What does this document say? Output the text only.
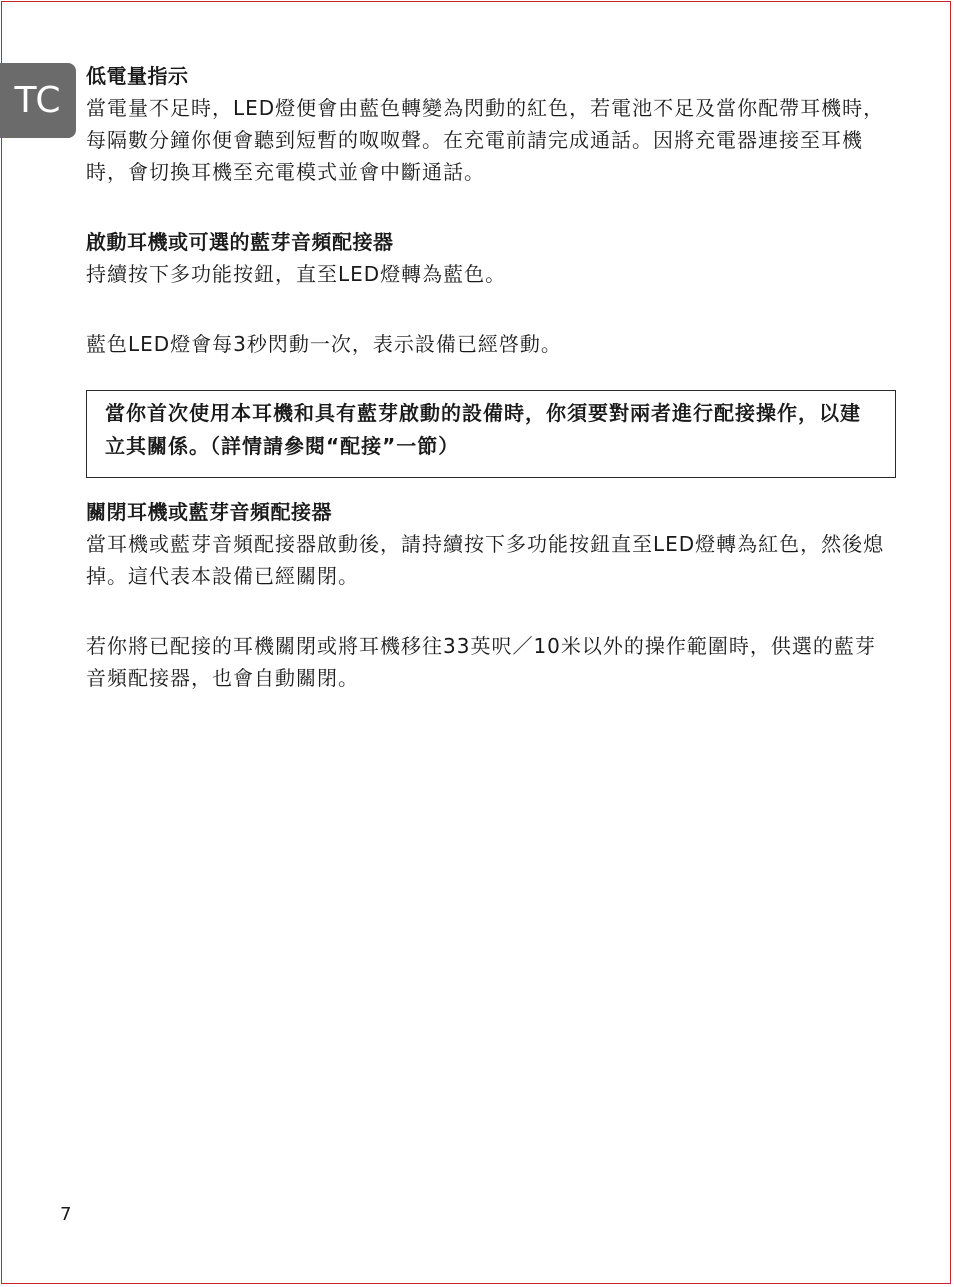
TC

低電量指示

當電量不足時，LED燈便會由藍色轉變為閃動的紅色，若電池不足及當你配帶耳機時，每隔數分鐘你便會聽到短暫的呶呶聲。在充電前請完成通話。因將充電器連接至耳機時，會切換耳機至充電模式並會中斷通話。

啟動耳機或可選的藍芽音頻配接器

持續按下多功能按鈕，直至LED燈轉為藍色。

藍色LED燈會每3秒閃動一次，表示設備已經啓動。

當你首次使用本耳機和具有藍芽啟動的設備時，你須要對兩者進行配接操作，以建立其關係。（詳情請參閱“配接”一節）

關閉耳機或藍芽音頻配接器

當耳機或藍芽音頻配接器啟動後，請持續按下多功能按鈕直至LED燈轉為紅色，然後熄掉。這代表本設備已經關閉。

若你將已配接的耳機關閉或將耳機移往33英呎／10米以外的操作範圍時，供選的藍芽音頻配接器，也會自動關閉。

7
